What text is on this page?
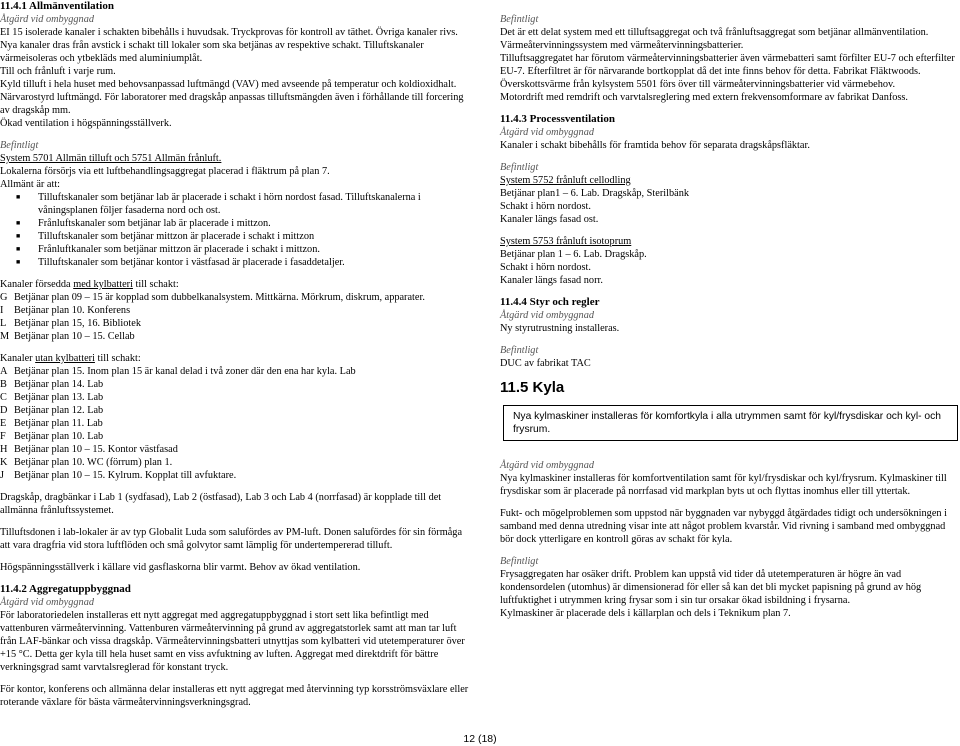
11.4.1 Allmänventilation

Åtgärd vid ombyggnad

EI 15 isolerade kanaler i schakten bibehålls i huvudsak. Tryckprovas för kontroll av täthet. Övriga kanaler rivs.

Nya kanaler dras från avstick i schakt till lokaler som ska betjänas av respektive schakt. Tilluftskanaler värmeisoleras och ytbekläds med aluminiumplåt.

Till och frånluft i varje rum.

Kyld tilluft i hela huset med behovsanpassad luftmängd (VAV) med avseende på temperatur och koldioxidhalt. Närvarostyrd luftmängd. För laboratorer med dragskåp anpassas tilluftsmängden även i förhållande till forcering av dragskåp mm.

Ökad ventilation i högspänningsställverk.

Befintligt

System 5701 Allmän tilluft och 5751 Allmän frånluft.

Lokalerna försörjs via ett luftbehandlingsaggregat placerad i fläktrum på plan 7.

Allmänt är att:

■ Tilluftskanaler som betjänar lab är placerade i schakt i hörn nordost fasad. Tilluftskanalerna i våningsplanen följer fasaderna nord och ost.
■ Frånluftskanaler som betjänar lab är placerade i mittzon.
■ Tilluftskanaler som betjänar mittzon är placerade i schakt i mittzon
■ Frånluftkanaler som betjänar mittzon är placerade i schakt i mittzon.
■ Tilluftskanaler som betjänar kontor i västfasad är placerade i fasaddetaljer.

Kanaler försedda med kylbatteri till schakt:

G Betjänar plan 09 – 15 är kopplad som dubbelkanalsystem. Mittkärna. Mörkrum, diskrum, apparater.
I	Betjänar plan 10. Konferens
L Betjänar plan 15, 16. Bibliotek
M Betjänar plan 10 – 15. Cellab

Kanaler utan kylbatteri till schakt:

A Betjänar plan 15. Inom plan 15 är kanal delad i två zoner där den ena har kyla. Lab
B Betjänar plan 14. Lab
C Betjänar plan 13. Lab
D Betjänar plan 12. Lab
E Betjänar plan 11. Lab
F Betjänar plan 10. Lab
H Betjänar plan 10 – 15. Kontor västfasad
K Betjänar plan 10. WC (förrum) plan 1.
J Betjänar plan 10 – 15. Kylrum. Kopplat till avfuktare.

Dragskåp, dragbänkar i Lab 1 (sydfasad), Lab 2 (östfasad), Lab 3 och Lab 4 (norrfasad) är kopplade till det allmänna frånluftssystemet.

Tilluftsdonen i lab-lokaler är av typ Globalit Luda som salufördes av PM-luft. Donen salufördes för sin förmåga att vara dragfria vid stora luftflöden och små golvytor samt lämplig för undertempererad tilluft.

Högspänningsställverk i källare vid gasflaskorna blir varmt. Behov av ökad ventilation.

11.4.2 Aggregatuppbyggnad

Åtgärd vid ombyggnad

För laboratoriedelen installeras ett nytt aggregat med aggregatuppbyggnad i stort sett lika befintligt med vattenburen värmeåtervinning. Vattenburen värmeåtervinning på grund av aggregatstorlek samt att man tar luft från LAF-bänkar och vissa dragskåp. Värmeåtervinningsbatteri utnyttjas som kylbatteri vid utetemperaturer över +15 °C. Detta ger kyla till hela huset samt en viss avfuktning av luften. Aggregat med direktdrift för bättre verkningsgrad samt varvtalsreglerad för konstant tryck.

För kontor, konferens och allmänna delar installeras ett nytt aggregat med återvinning typ korsströmsväxlare eller roterande växlare för bästa värmeåtervinningsverkningsgrad.

Befintligt

Det är ett delat system med ett tilluftsaggregat och två frånluftsaggregat som betjänar allmänventilation. Värmeåtervinningssystem med värmeåtervinningsbatterier.

Tilluftsaggregatet har förutom värmeåtervinningsbatterier även värmebatteri samt förfilter EU-7 och efterfilter EU-7. Efterfiltret är för närvarande bortkopplat då det inte finns behov för detta. Fabrikat Fläktwoods.

Överskottsvärme från kylsystem 5501 förs över till värmeåtervinningsbatterier vid värmebehov.

Motordrift med remdrift och varvtalsreglering med extern frekvensomformare av fabrikat Danfoss.

11.4.3 Processventilation

Åtgärd vid ombyggnad

Kanaler i schakt bibehålls för framtida behov för separata dragskåpsfläktar.

Befintligt

System 5752 frånluft cellodling

Betjänar plan1 – 6. Lab. Dragskåp, Sterilbänk

Schakt i hörn nordost.

Kanaler längs fasad ost.

System 5753 frånluft isotoprum

Betjänar plan 1 – 6. Lab. Dragskåp.

Schakt i hörn nordost.

Kanaler längs fasad norr.

11.4.4 Styr och regler

Åtgärd vid ombyggnad

Ny styrutrustning installeras.

Befintligt

DUC av fabrikat TAC

11.5 Kyla

Nya kylmaskiner installeras för komfortkyla i alla utrymmen samt för kyl/frysdiskar och kyl- och frysrum.

Åtgärd vid ombyggnad

Nya kylmaskiner installeras för komfortventilation samt för kyl/frysdiskar och kyl/frysrum. Kylmaskiner till frysdiskar som är placerade på norrfasad vid markplan byts ut och flyttas inomhus eller till yttertak.

Fukt- och mögelproblemen som uppstod när byggnaden var nybyggd åtgärdades tidigt och undersökningen i samband med denna utredning visar inte att något problem kvarstår. Vid rivning i samband med ombyggnad bör dock ytterligare en kontroll göras av schakt för kyla.

Befintligt

Frysaggregaten har osäker drift. Problem kan uppstå vid tider då utetemperaturen är högre än vad kondensordelen (utomhus) är dimensionerad för eller så kan det bli mycket papisning på grund av hög luftfuktighet i utrymmen kring frysar som i sin tur orsakar ökad isbildning i frysarna.

Kylmaskiner är placerade dels i källarplan och dels i Teknikum plan 7.

12 (18)
